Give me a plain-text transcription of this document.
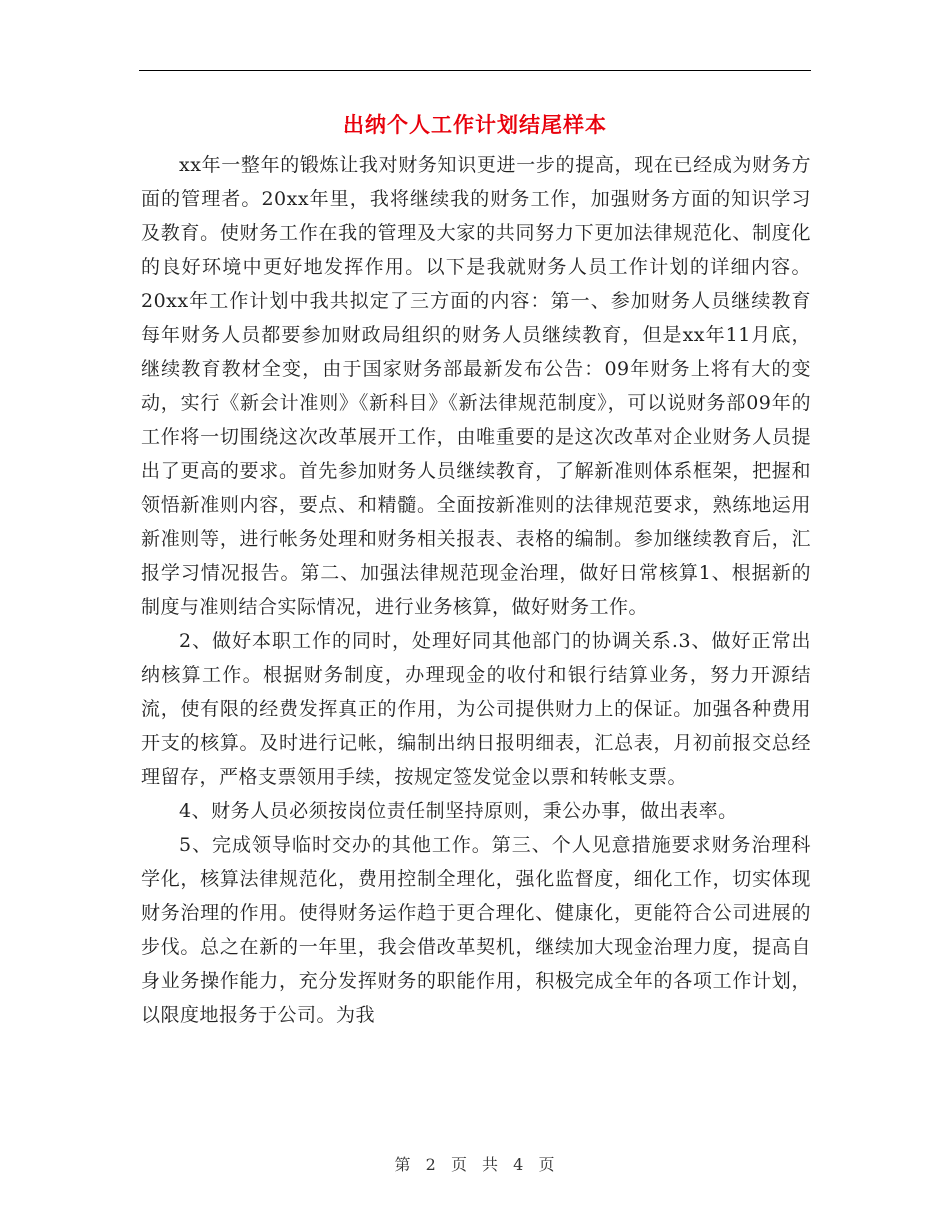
出纳个人工作计划结尾样本

xx年一整年的锻炼让我对财务知识更进一步的提高，现在已经成为财务方面的管理者。20xx年里，我将继续我的财务工作，加强财务方面的知识学习及教育。使财务工作在我的管理及大家的共同努力下更加法律规范化、制度化的良好环境中更好地发挥作用。以下是我就财务人员工作计划的详细内容。20xx年工作计划中我共拟定了三方面的内容：第一、参加财务人员继续教育每年财务人员都要参加财政局组织的财务人员继续教育，但是xx年11月底，继续教育教材全变，由于国家财务部最新发布公告：09年财务上将有大的变动，实行《新会计准则》《新科目》《新法律规范制度》，可以说财务部09年的工作将一切围绕这次改革展开工作，由唯重要的是这次改革对企业财务人员提出了更高的要求。首先参加财务人员继续教育，了解新准则体系框架，把握和领悟新准则内容，要点、和精髓。全面按新准则的法律规范要求，熟练地运用新准则等，进行帐务处理和财务相关报表、表格的编制。参加继续教育后，汇报学习情况报告。第二、加强法律规范现金治理，做好日常核算1、根据新的制度与准则结合实际情况，进行业务核算，做好财务工作。

2、做好本职工作的同时，处理好同其他部门的协调关系.3、做好正常出纳核算工作。根据财务制度，办理现金的收付和银行结算业务，努力开源结流，使有限的经费发挥真正的作用，为公司提供财力上的保证。加强各种费用开支的核算。及时进行记帐，编制出纳日报明细表，汇总表，月初前报交总经理留存，严格支票领用手续，按规定签发觉金以票和转帐支票。

4、财务人员必须按岗位责任制坚持原则，秉公办事，做出表率。

5、完成领导临时交办的其他工作。第三、个人见意措施要求财务治理科学化，核算法律规范化，费用控制全理化，强化监督度，细化工作，切实体现财务治理的作用。使得财务运作趋于更合理化、健康化，更能符合公司进展的步伐。总之在新的一年里，我会借改革契机，继续加大现金治理力度，提高自身业务操作能力，充分发挥财务的职能作用，积极完成全年的各项工作计划，以限度地报务于公司。为我

第 2 页 共 4 页
